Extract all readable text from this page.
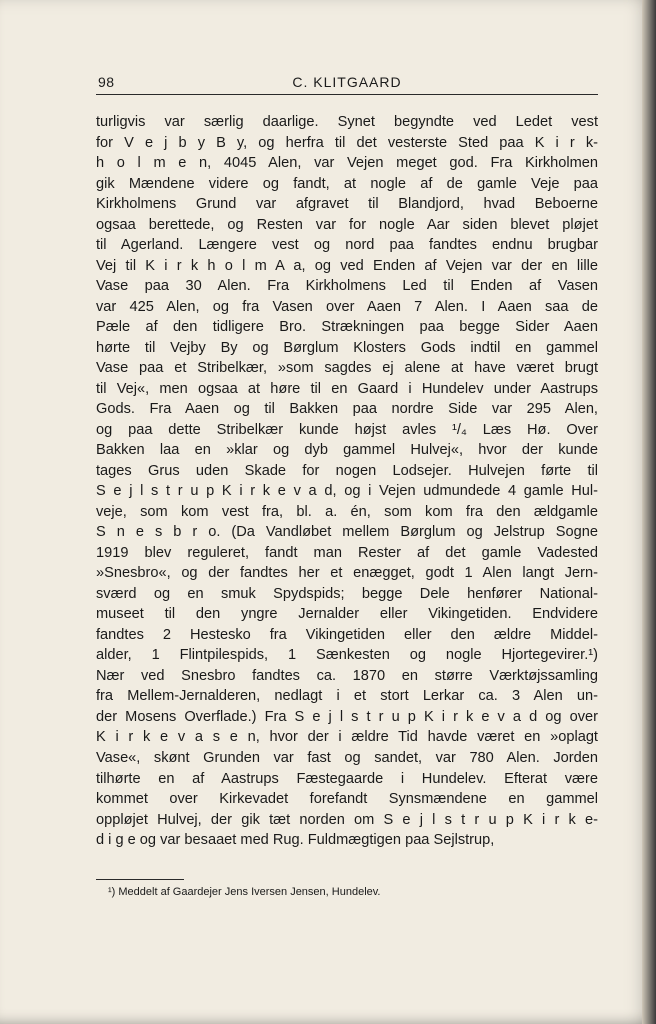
98	C. KLITGAARD
turligvis var særlig daarlige. Synet begyndte ved Ledet vest
for V e j b y B y, og herfra til det vesterste Sted paa K i r k-
h o l m e n, 4045 Alen, var Vejen meget god. Fra Kirkholmen
gik Mændene videre og fandt, at nogle af de gamle Veje paa
Kirkholmens Grund var afgravet til Blandjord, hvad Beboerne
ogsaa berettede, og Resten var for nogle Aar siden blevet pløjet
til Agerland. Længere vest og nord paa fandtes endnu brugbar
Vej til K i r k h o l m A a, og ved Enden af Vejen var der en lille
Vase paa 30 Alen. Fra Kirkholmens Led til Enden af Vasen
var 425 Alen, og fra Vasen over Aaen 7 Alen. I Aaen saa de
Pæle af den tidligere Bro. Strækningen paa begge Sider Aaen
hørte til Vejby By og Børglum Klosters Gods indtil en gammel
Vase paa et Stribelkær, »som sagdes ej alene at have været brugt
til Vej«, men ogsaa at høre til en Gaard i Hundelev under Aastrups
Gods. Fra Aaen og til Bakken paa nordre Side var 295 Alen,
og paa dette Stribelkær kunde højst avles ¹/₄ Læs Hø. Over
Bakken laa en »klar og dyb gammel Hulvej«, hvor der kunde
tages Grus uden Skade for nogen Lodsejer. Hulvejen førte til
S e j l s t r u p K i r k e v a d, og i Vejen udmundede 4 gamle Hul-
veje, som kom vest fra, bl. a. én, som kom fra den ældgamle
S n e s b r o. (Da Vandløbet mellem Børglum og Jelstrup Sogne
1919 blev reguleret, fandt man Rester af det gamle Vadested
»Snesbro«, og der fandtes her et enægget, godt 1 Alen langt Jern-
sværd og en smuk Spydspids; begge Dele henfører National-
museet til den yngre Jernalder eller Vikingetiden. Endvidere
fandtes 2 Hestesko fra Vikingetiden eller den ældre Middel-
alder, 1 Flintpilespids, 1 Sænkesten og nogle Hjortegevirer.¹)
Nær ved Snesbro fandtes ca. 1870 en større Værktøjssamling
fra Mellem-Jernalderen, nedlagt i et stort Lerkar ca. 3 Alen un-
der Mosens Overflade.) Fra S e j l s t r u p K i r k e v a d og over
K i r k e v a s e n, hvor der i ældre Tid havde været en »oplagt
Vase«, skønt Grunden var fast og sandet, var 780 Alen. Jorden
tilhørte en af Aastrups Fæstegaarde i Hundelev. Efterat være
kommet over Kirkevadet forefandt Synsmændene en gammel
oppløjet Hulvej, der gik tæt norden om S e j l s t r u p K i r k e-
d i g e og var besaaet med Rug. Fuldmægtigen paa Sejlstrup,
¹) Meddelt af Gaardejer Jens Iversen Jensen, Hundelev.
